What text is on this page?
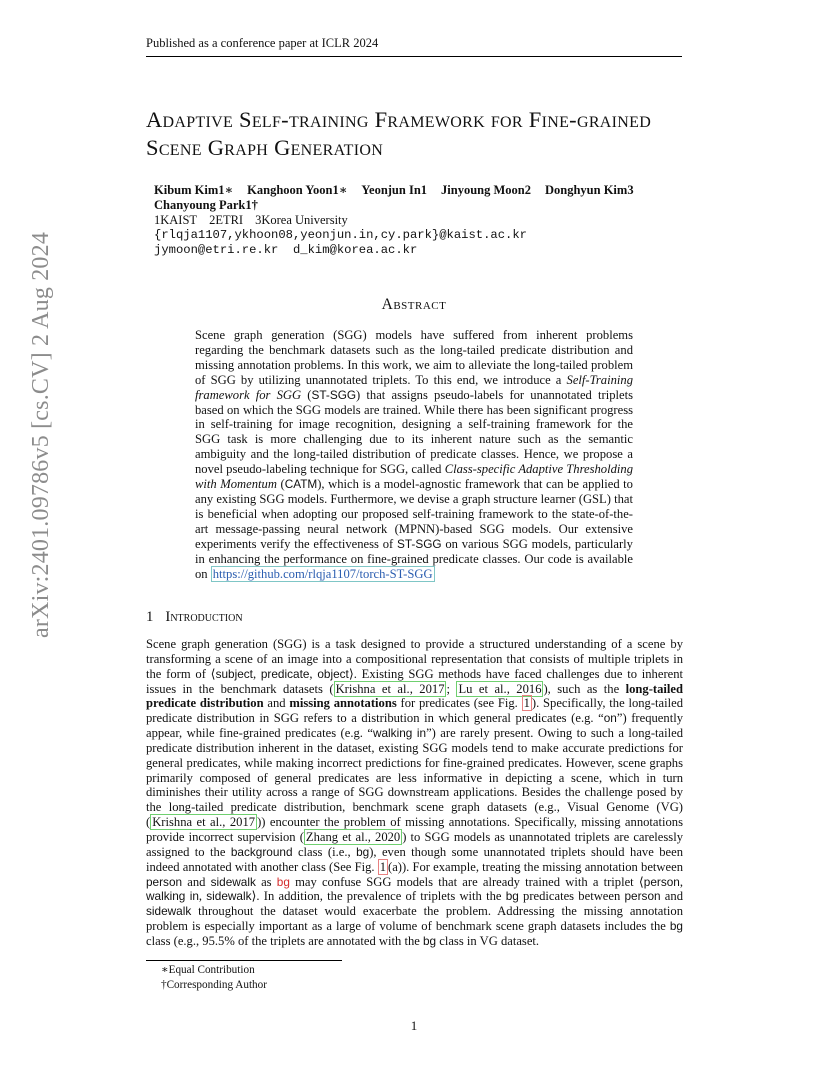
Published as a conference paper at ICLR 2024
arXiv:2401.09786v5 [cs.CV] 2 Aug 2024
Adaptive Self-training Framework for Fine-grained Scene Graph Generation
Kibum Kim1∗ Kanghoon Yoon1∗ Yeonjun In1 Jinyoung Moon2 Donghyun Kim3
Chanyoung Park1†
1KAIST 2ETRI 3Korea University
{rlqja1107,ykhoon08,yeonjun.in,cy.park}@kaist.ac.kr
jymoon@etri.re.kr  d_kim@korea.ac.kr
Abstract

Scene graph generation (SGG) models have suffered from inherent problems regarding the benchmark datasets such as the long-tailed predicate distribution and missing annotation problems. In this work, we aim to alleviate the long-tailed problem of SGG by utilizing unannotated triplets. To this end, we introduce a Self-Training framework for SGG (ST-SGG) that assigns pseudo-labels for unannotated triplets based on which the SGG models are trained. While there has been significant progress in self-training for image recognition, designing a self-training framework for the SGG task is more challenging due to its inherent nature such as the semantic ambiguity and the long-tailed distribution of predicate classes. Hence, we propose a novel pseudo-labeling technique for SGG, called Class-specific Adaptive Thresholding with Momentum (CATM), which is a model-agnostic framework that can be applied to any existing SGG models. Furthermore, we devise a graph structure learner (GSL) that is beneficial when adopting our proposed self-training framework to the state-of-the-art message-passing neural network (MPNN)-based SGG models. Our extensive experiments verify the effectiveness of ST-SGG on various SGG models, particularly in enhancing the performance on fine-grained predicate classes. Our code is available on https://github.com/rlqja1107/torch-ST-SGG

1 Introduction

Scene graph generation (SGG) is a task designed to provide a structured understanding of a scene by transforming a scene of an image into a compositional representation that consists of multiple triplets in the form of ⟨subject, predicate, object⟩. Existing SGG methods have faced challenges due to inherent issues in the benchmark datasets ( Krishna et al., 2017 ; Lu et al., 2016 ), such as the long-tailed predicate distribution and missing annotations for predicates (see Fig. 1 ). Specifically, the long-tailed predicate distribution in SGG refers to a distribution in which general predicates (e.g. “on”) frequently appear, while fine-grained predicates (e.g. “walking in”) are rarely present. Owing to such a long-tailed predicate distribution inherent in the dataset, existing SGG models tend to make accurate predictions for general predicates, while making incorrect predictions for fine-grained predicates. However, scene graphs primarily composed of general predicates are less informative in depicting a scene, which in turn diminishes their utility across a range of SGG downstream applications. Besides the challenge posed by the long-tailed predicate distribution, benchmark scene graph datasets (e.g., Visual Genome (VG) ( Krishna et al., 2017 )) encounter the problem of missing annotations. Specifically, missing annotations provide incorrect supervision ( Zhang et al., 2020 ) to SGG models as unannotated triplets are carelessly assigned to the background class (i.e., bg), even though some unannotated triplets should have been indeed annotated with another class (See Fig. 1 (a)). For example, treating the missing annotation between person and sidewalk as bg may confuse SGG models that are already trained with a triplet ⟨person, walking in, sidewalk⟩. In addition, the prevalence of triplets with the bg predicates between person and sidewalk throughout the dataset would exacerbate the problem. Addressing the missing annotation problem is especially important as a large of volume of benchmark scene graph datasets includes the bg class (e.g., 95.5% of the triplets are annotated with the bg class in VG dataset.

∗Equal Contribution
†Corresponding Author
1
